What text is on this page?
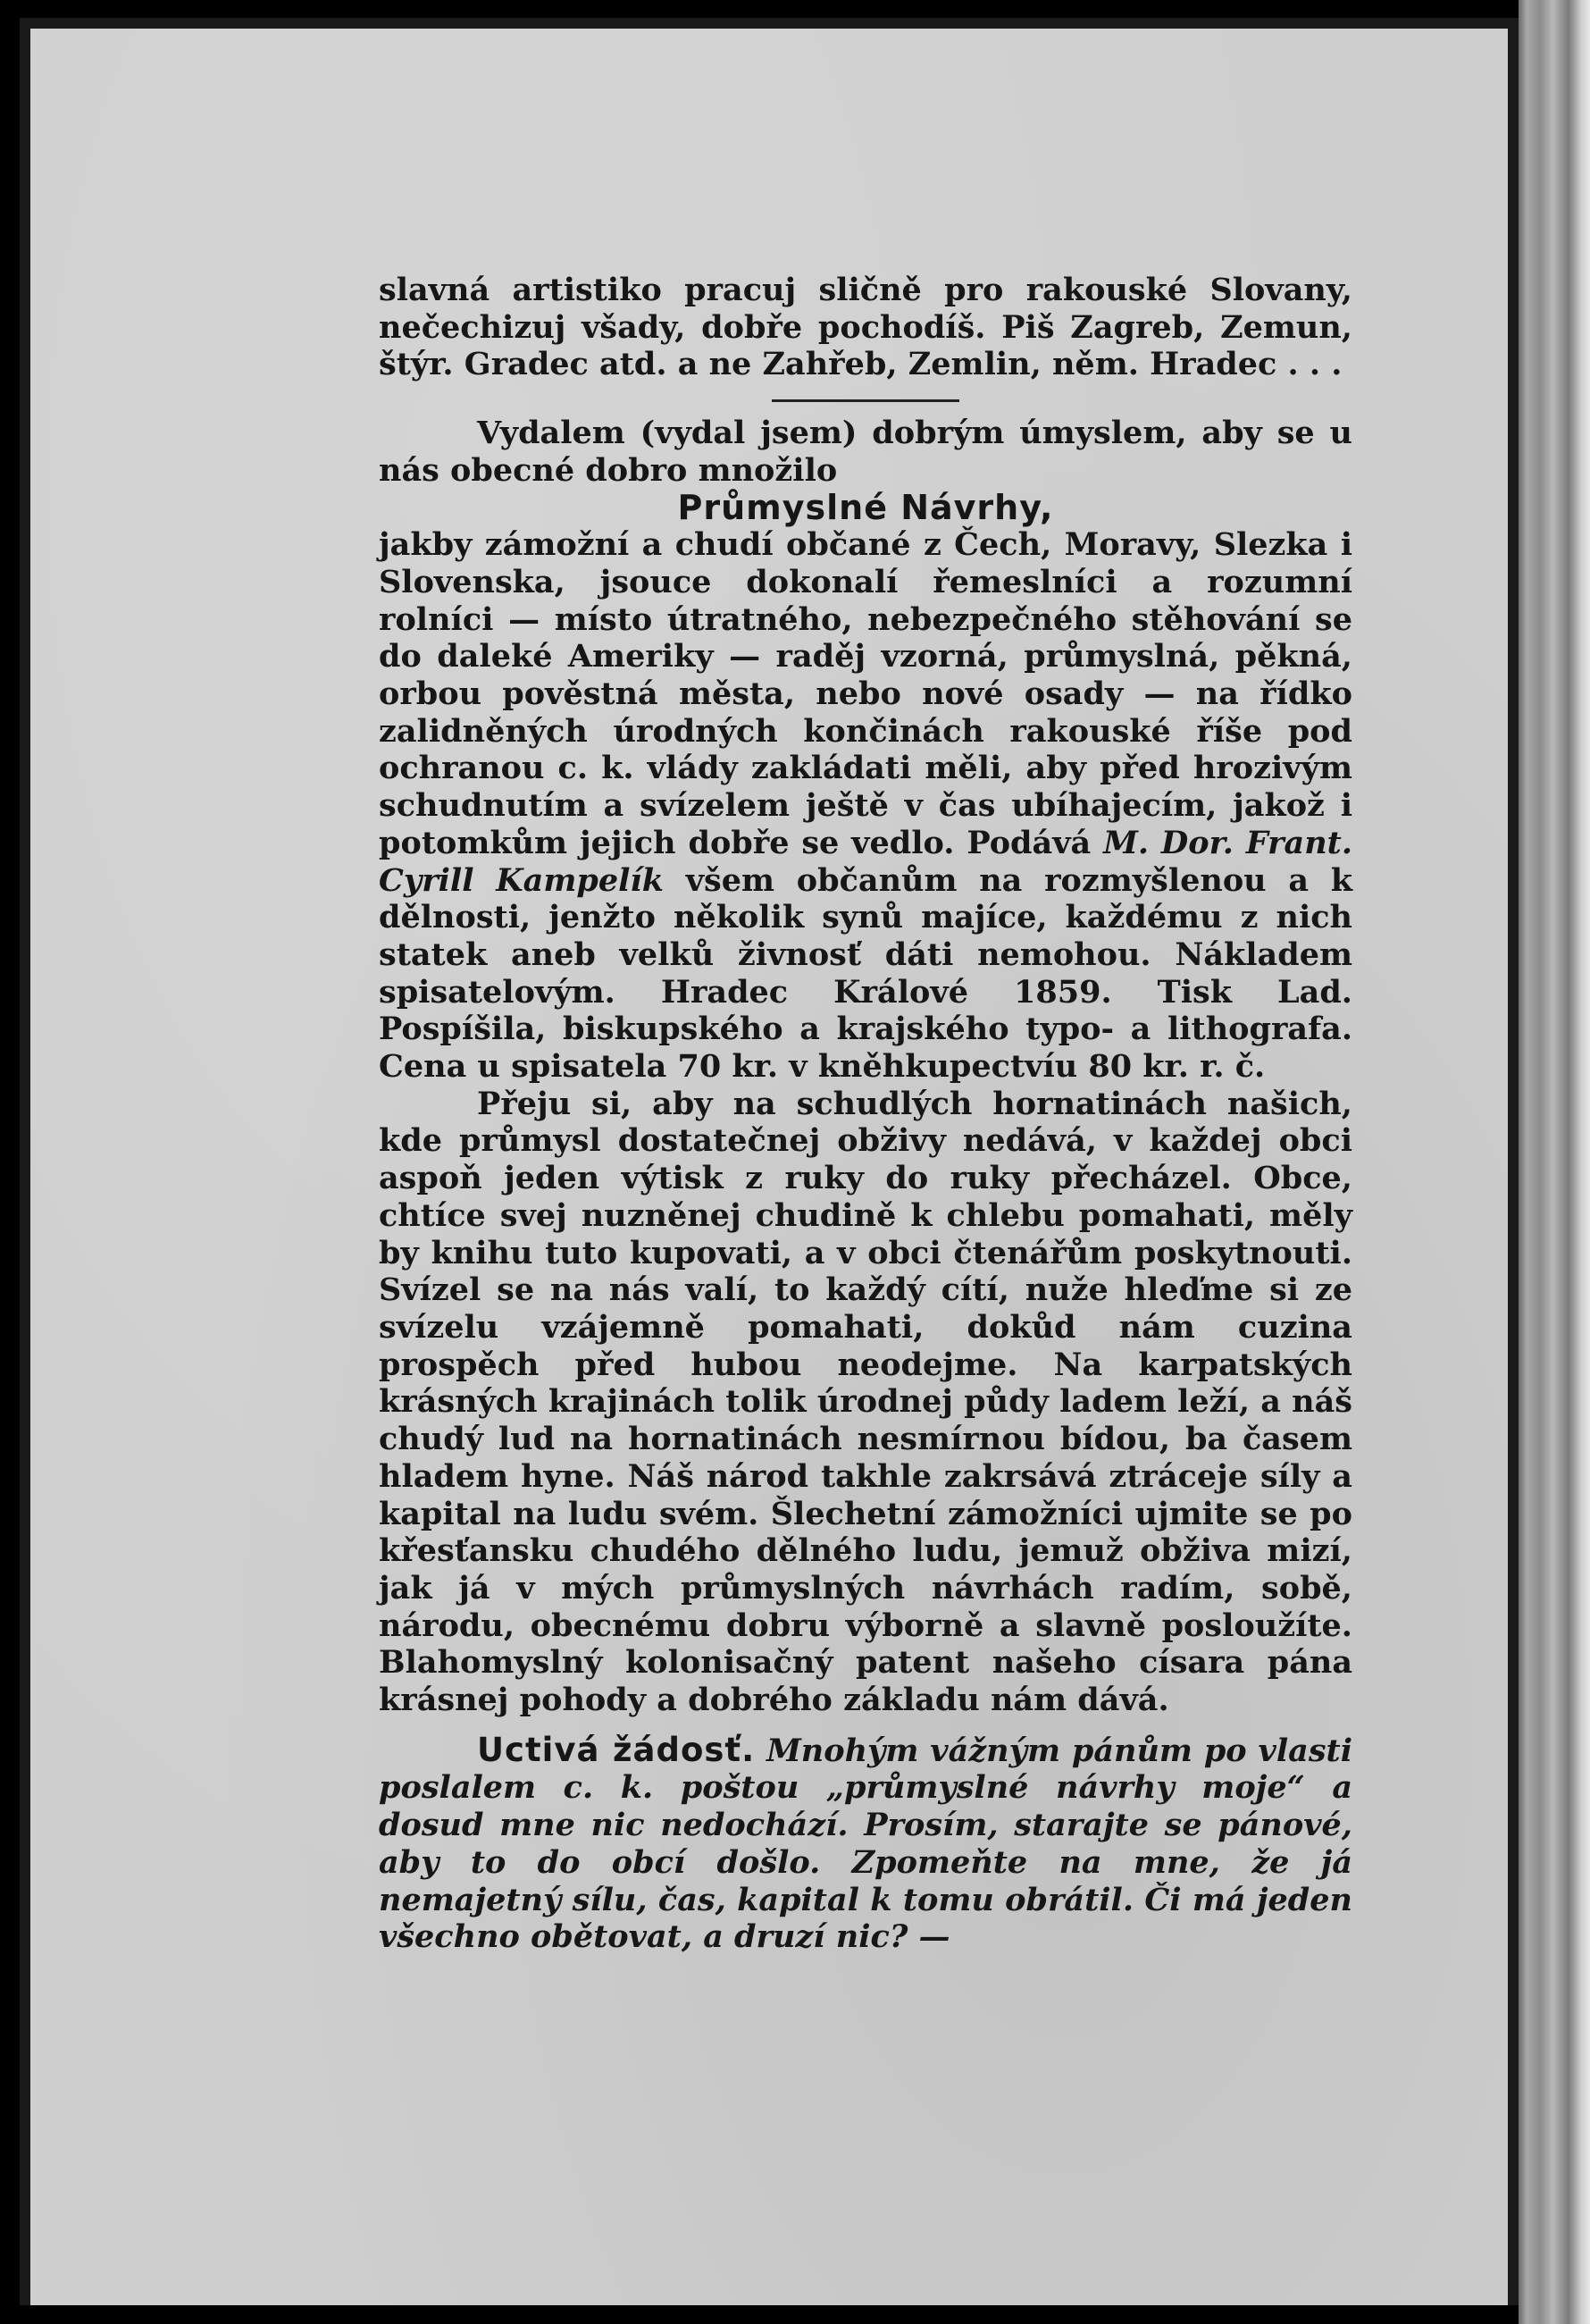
slavná artistiko pracuj sličně pro rakouské Slovany, nečechizuj všady, dobře pochodíš. Piš Zagreb, Zemun, štýr. Gradec atd. a ne Zahřeb, Zemlin, něm. Hradec . . .

Vydalem (vydal jsem) dobrým úmyslem, aby se u nás obecné dobro množilo

Průmyslné Návrhy,

jakby zámožní a chudí občané z Čech, Moravy, Slezka i Slovenska, jsouce dokonalí řemeslníci a rozumní rolníci — místo útratného, nebezpečného stěhování se do daleké Ameriky — raděj vzorná, průmyslná, pěkná, orbou pověstná města, nebo nové osady — na řídko zalidněných úrodných končinách rakouské říše pod ochranou c. k. vlády zakládati měli, aby před hrozivým schudnutím a svízelem ještě v čas ubíhajecím, jakož i potomkům jejich dobře se vedlo. Podává M. Dor. Frant. Cyrill Kampelík všem občanům na rozmyšlenou a k dělnosti, jenžto několik synů majíce, každému z nich statek aneb velků živnosť dáti nemohou. Nákladem spisatelovým. Hradec Králové 1859. Tisk Lad. Pospíšila, biskupského a krajského typo- a lithografa. Cena u spisatela 70 kr. v kněhkupectvíu 80 kr. r. č.

Přeju si, aby na schudlých hornatinách našich, kde průmysl dostatečnej obživy nedává, v každej obci aspoň jeden výtisk z ruky do ruky přecházel. Obce, chtíce svej nuzněnej chudině k chlebu pomahati, měly by knihu tuto kupovati, a v obci čtenářům poskytnouti. Svízel se na nás valí, to každý cítí, nuže hleďme si ze svízelu vzájemně pomahati, dokůd nám cuzina prospěch před hubou neodejme. Na karpatských krásných krajinách tolik úrodnej půdy ladem leží, a náš chudý lud na hornatinách nesmírnou bídou, ba časem hladem hyne. Náš národ takhle zakrsává ztráceje síly a kapital na ludu svém. Šlechetní zámožníci ujmite se po křesťansku chudého dělného ludu, jemuž obživa mizí, jak já v mých průmyslných návrhách radím, sobě, národu, obecnému dobru výborně a slavně posloužíte. Blahomyslný kolonisačný patent našeho císara pána krásnej pohody a dobrého základu nám dává.

Uctivá žádosť. Mnohým vážným pánům po vlasti poslalem c. k. poštou „průmyslné návrhy moje“ a dosud mne nic nedochází. Prosím, starajte se pánové, aby to do obcí došlo. Zpomeňte na mne, že já nemajetný sílu, čas, kapital k tomu obrátil. Či má jeden všechno obětovat, a druzí nic? —
